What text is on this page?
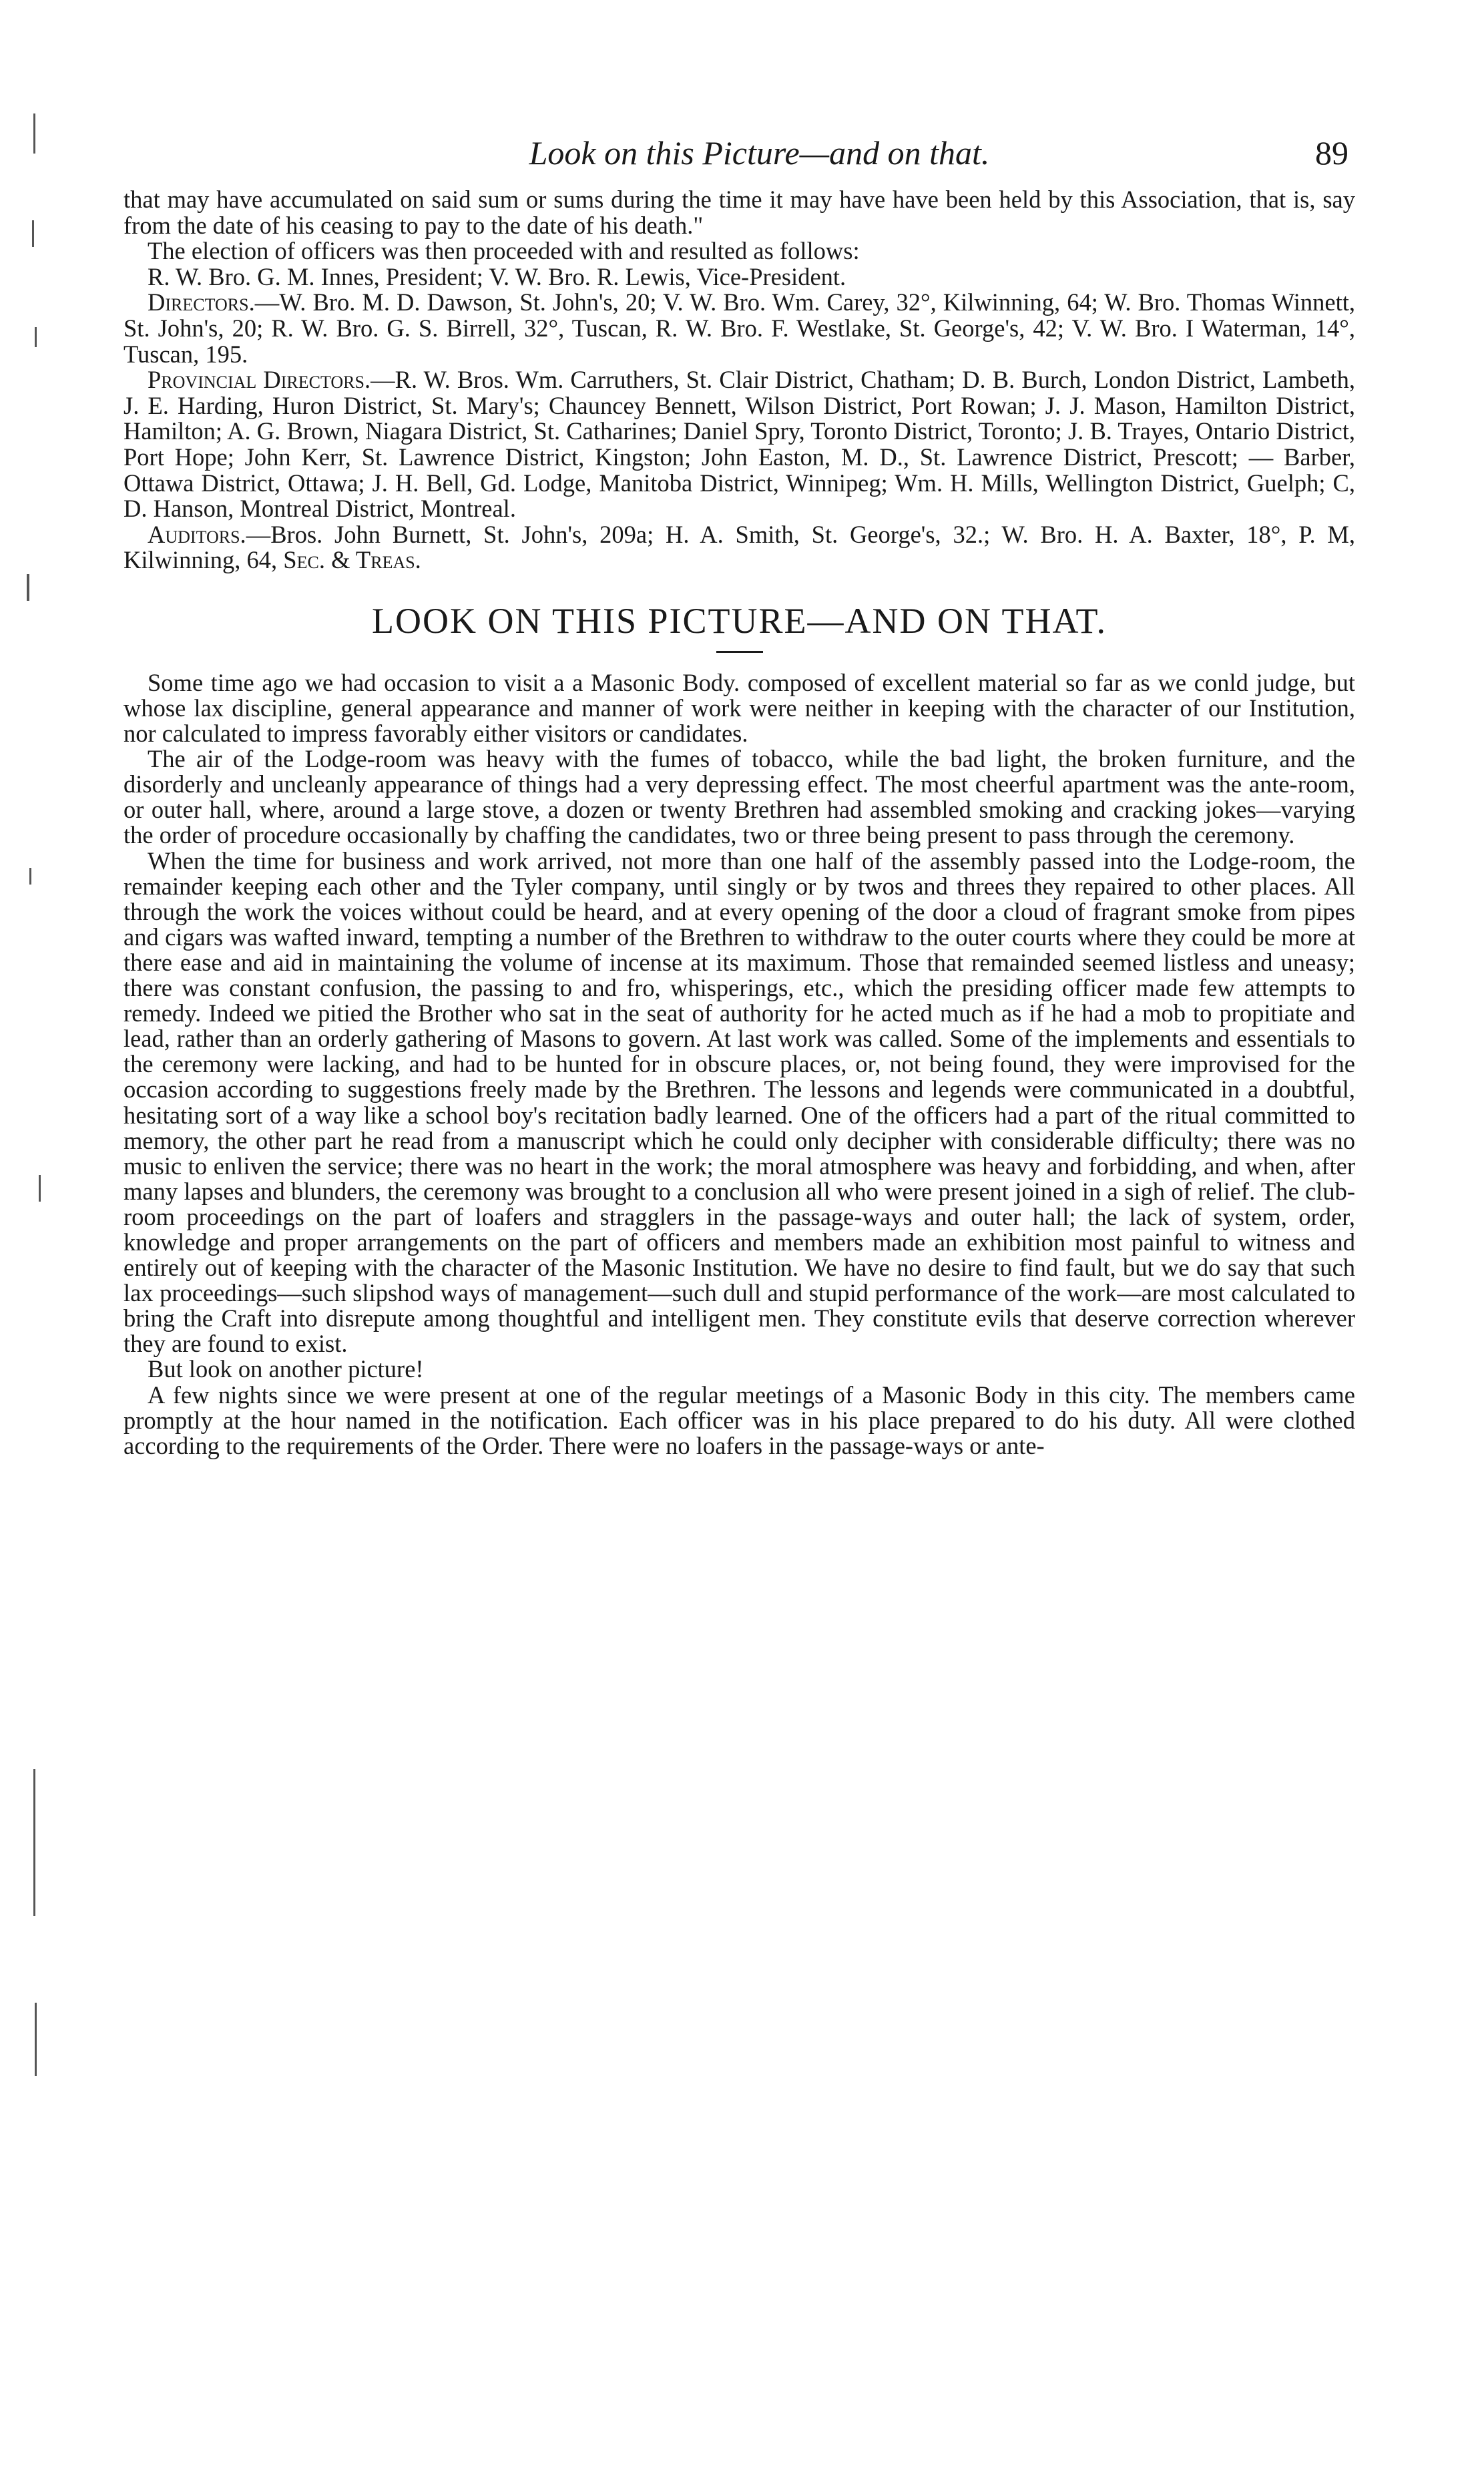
Look on this Picture—and on that.	89

that may have accumulated on said sum or sums during the time it may have have been held by this Association, that is, say from the date of his ceasing to pay to the date of his death."

The election of officers was then proceeded with and resulted as follows:

R. W. Bro. G. M. Innes, President; V. W. Bro. R. Lewis, Vice-President.

Directors.—W. Bro. M. D. Dawson, St. John's, 20; V. W. Bro. Wm. Carey, 32°, Kilwinning, 64; W. Bro. Thomas Winnett, St. John's, 20; R. W. Bro. G. S. Birrell, 32°, Tuscan, R. W. Bro. F. Westlake, St. George's, 42; V. W. Bro. I Waterman, 14°, Tuscan, 195.

Provincial Directors.—R. W. Bros. Wm. Carruthers, St. Clair District, Chatham; D. B. Burch, London District, Lambeth, J. E. Harding, Huron District, St. Mary's; Chauncey Bennett, Wilson District, Port Rowan; J. J. Mason, Hamilton District, Hamilton; A. G. Brown, Niagara District, St. Catharines; Daniel Spry, Toronto District, Toronto; J. B. Trayes, Ontario District, Port Hope; John Kerr, St. Lawrence District, Kingston; John Easton, M. D., St. Lawrence District, Prescott; — Barber, Ottawa District, Ottawa; J. H. Bell, Gd. Lodge, Manitoba District, Winnipeg; Wm. H. Mills, Wellington District, Guelph; C, D. Hanson, Montreal District, Montreal.

Auditors.—Bros. John Burnett, St. John's, 209a; H. A. Smith, St. George's, 32.; W. Bro. H. A. Baxter, 18°, P. M, Kilwinning, 64, Sec. & Treas.

LOOK ON THIS PICTURE—AND ON THAT.

Some time ago we had occasion to visit a a Masonic Body. composed of excellent material so far as we conld judge, but whose lax discipline, general appearance and manner of work were neither in keeping with the character of our Institution, nor calculated to impress favorably either visitors or candidates.

The air of the Lodge-room was heavy with the fumes of tobacco, while the bad light, the broken furniture, and the disorderly and uncleanly appearance of things had a very depressing effect. The most cheerful apartment was the ante-room, or outer hall, where, around a large stove, a dozen or twenty Brethren had assembled smoking and cracking jokes—varying the order of procedure occasionally by chaffing the candidates, two or three being present to pass through the ceremony.

When the time for business and work arrived, not more than one half of the assembly passed into the Lodge-room, the remainder keeping each other and the Tyler company, until singly or by twos and threes they repaired to other places. All through the work the voices without could be heard, and at every opening of the door a cloud of fragrant smoke from pipes and cigars was wafted inward, tempting a number of the Brethren to withdraw to the outer courts where they could be more at there ease and aid in maintaining the volume of incense at its maximum. Those that remainded seemed listless and uneasy; there was constant confusion, the passing to and fro, whisperings, etc., which the presiding officer made few attempts to remedy. Indeed we pitied the Brother who sat in the seat of authority for he acted much as if he had a mob to propitiate and lead, rather than an orderly gathering of Masons to govern. At last work was called. Some of the implements and essentials to the ceremony were lacking, and had to be hunted for in obscure places, or, not being found, they were improvised for the occasion according to suggestions freely made by the Brethren. The lessons and legends were communicated in a doubtful, hesitating sort of a way like a school boy's recitation badly learned. One of the officers had a part of the ritual committed to memory, the other part he read from a manuscript which he could only decipher with considerable difficulty; there was no music to enliven the service; there was no heart in the work; the moral atmosphere was heavy and forbidding, and when, after many lapses and blunders, the ceremony was brought to a conclusion all who were present joined in a sigh of relief. The club-room proceedings on the part of loafers and stragglers in the passage-ways and outer hall; the lack of system, order, knowledge and proper arrangements on the part of officers and members made an exhibition most painful to witness and entirely out of keeping with the character of the Masonic Institution. We have no desire to find fault, but we do say that such lax proceedings—such slipshod ways of management—such dull and stupid performance of the work—are most calculated to bring the Craft into disrepute among thoughtful and intelligent men. They constitute evils that deserve correction wherever they are found to exist.

But look on another picture!

A few nights since we were present at one of the regular meetings of a Masonic Body in this city. The members came promptly at the hour named in the notification. Each officer was in his place prepared to do his duty. All were clothed according to the requirements of the Order. There were no loafers in the passage-ways or ante-
